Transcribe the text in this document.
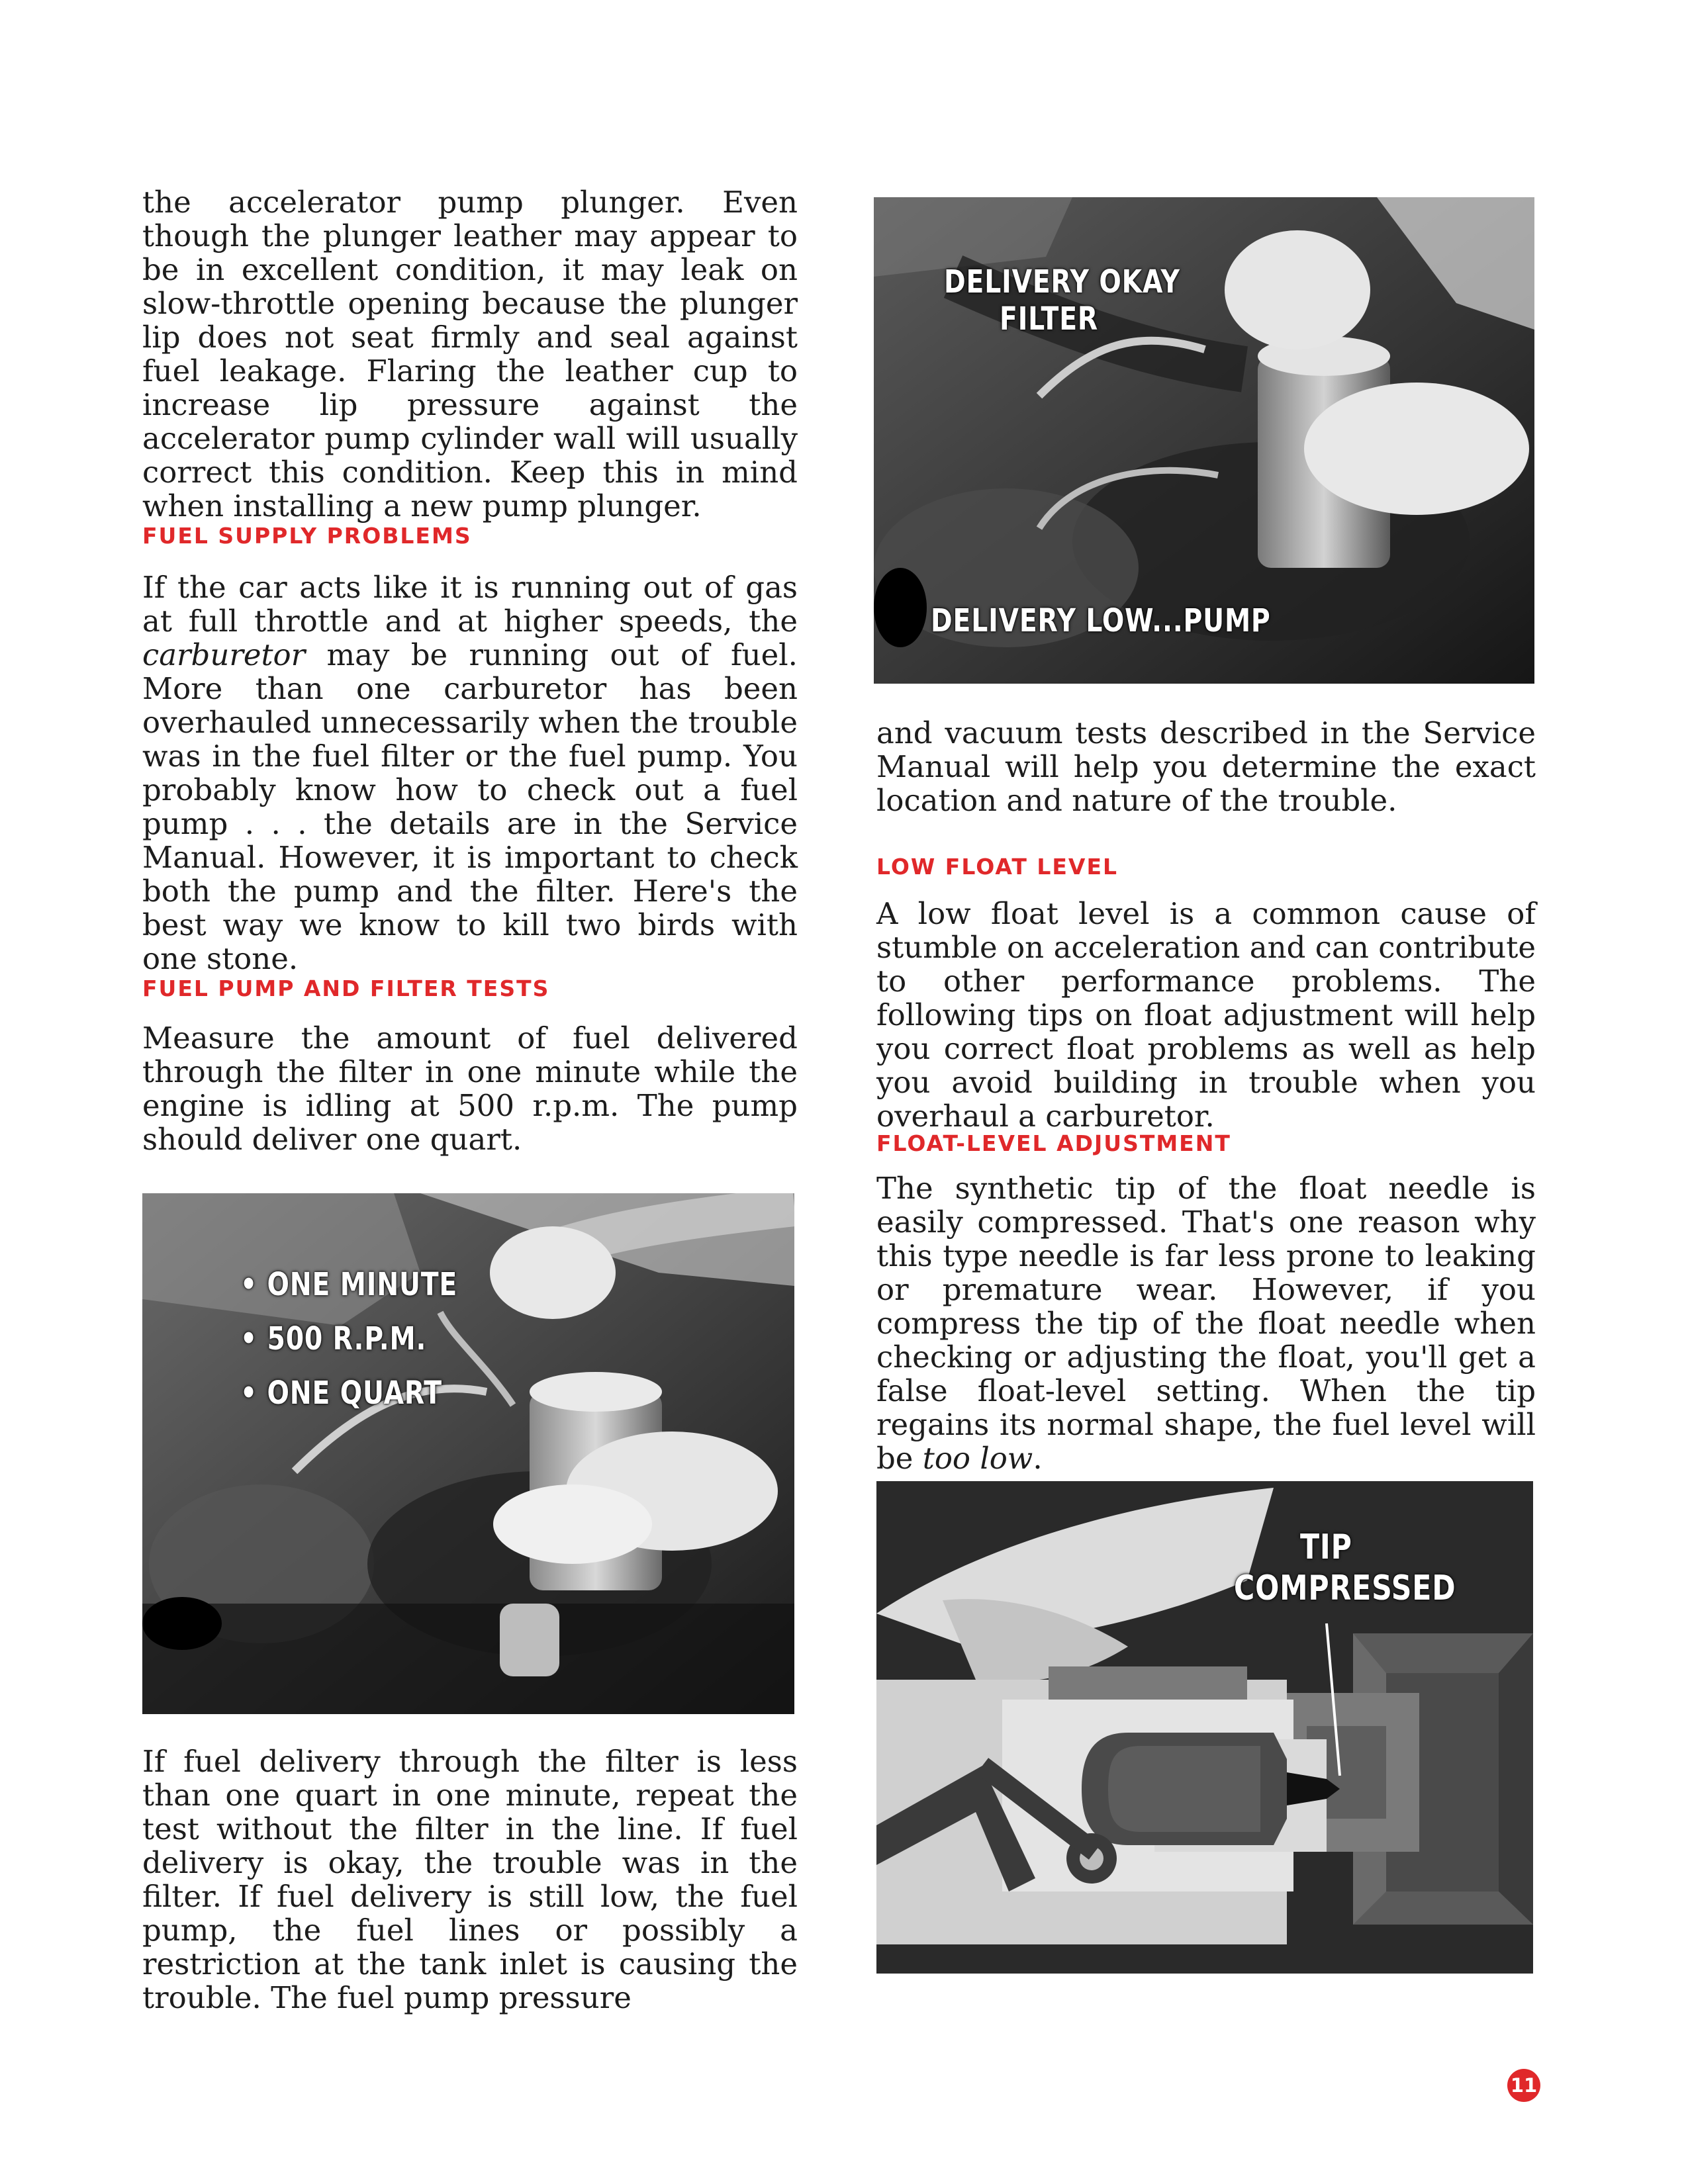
the accelerator pump plunger. Even though the plunger leather may appear to be in excellent condition, it may leak on slow-throttle opening because the plunger lip does not seat firmly and seal against fuel leakage. Flaring the leather cup to increase lip pressure against the accelerator pump cylinder wall will usually correct this condition. Keep this in mind when installing a new pump plunger.

FUEL SUPPLY PROBLEMS

If the car acts like it is running out of gas at full throttle and at higher speeds, the carburetor may be running out of fuel. More than one carburetor has been overhauled unnecessarily when the trouble was in the fuel filter or the fuel pump. You probably know how to check out a fuel pump . . . the details are in the Service Manual. However, it is important to check both the pump and the filter. Here's the best way we know to kill two birds with one stone.

FUEL PUMP AND FILTER TESTS

Measure the amount of fuel delivered through the filter in one minute while the engine is idling at 500 r.p.m. The pump should deliver one quart.

• ONE MINUTE
• 500 R.P.M.
• ONE QUART

If fuel delivery through the filter is less than one quart in one minute, repeat the test without the filter in the line. If fuel delivery is okay, the trouble was in the filter. If fuel delivery is still low, the fuel pump, the fuel lines or possibly a restriction at the tank inlet is causing the trouble. The fuel pump pressure

DELIVERY OKAY
FILTER
DELIVERY LOW...PUMP

and vacuum tests described in the Service Manual will help you determine the exact location and nature of the trouble.

LOW FLOAT LEVEL

A low float level is a common cause of stumble on acceleration and can contribute to other performance problems. The following tips on float adjustment will help you correct float problems as well as help you avoid building in trouble when you overhaul a carburetor.

FLOAT-LEVEL ADJUSTMENT

The synthetic tip of the float needle is easily compressed. That's one reason why this type needle is far less prone to leaking or premature wear. However, if you compress the tip of the float needle when checking or adjusting the float, you'll get a false float-level setting. When the tip regains its normal shape, the fuel level will be too low.

TIP
COMPRESSED
11
